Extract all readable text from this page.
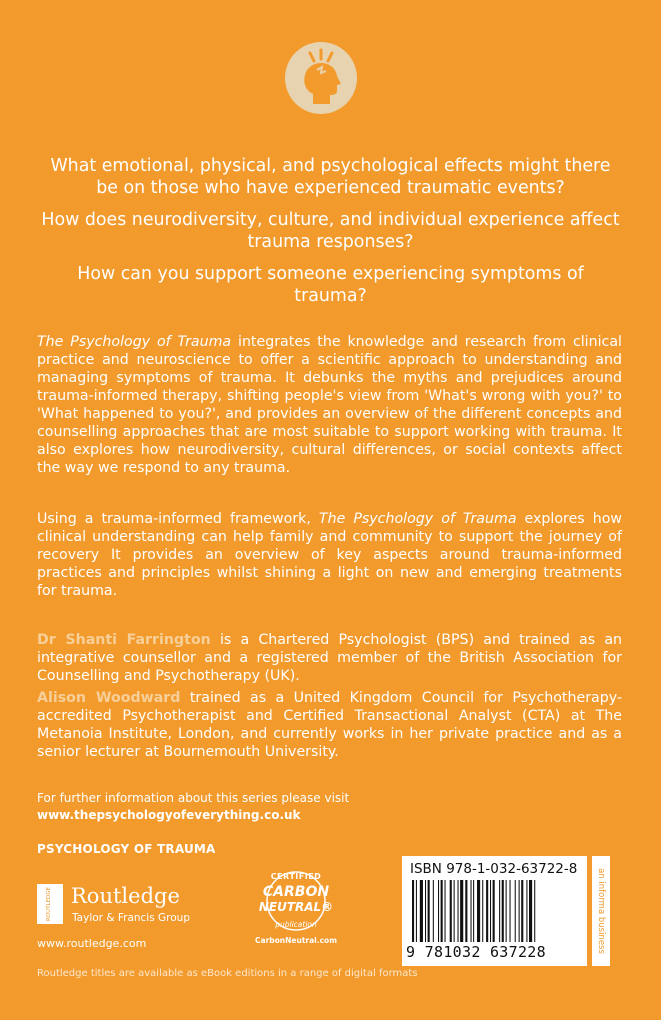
What emotional, physical, and psychological effects might there be on those who have experienced traumatic events?
How does neurodiversity, culture, and individual experience affect trauma responses?
How can you support someone experiencing symptoms of trauma?
The Psychology of Trauma integrates the knowledge and research from clinical practice and neuroscience to offer a scientific approach to understanding and managing symptoms of trauma. It debunks the myths and prejudices around trauma-informed therapy, shifting people's view from 'What's wrong with you?' to 'What happened to you?', and provides an overview of the different concepts and counselling approaches that are most suitable to support working with trauma. It also explores how neurodiversity, cultural differences, or social contexts affect the way we respond to any trauma.
Using a trauma-informed framework, The Psychology of Trauma explores how clinical understanding can help family and community to support the journey of recovery It provides an overview of key aspects around trauma-informed practices and principles whilst shining a light on new and emerging treatments for trauma.
Dr Shanti Farrington is a Chartered Psychologist (BPS) and trained as an integrative counsellor and a registered member of the British Association for Counselling and Psychotherapy (UK).
Alison Woodward trained as a United Kingdom Council for Psychotherapy-accredited Psychotherapist and Certified Transactional Analyst (CTA) at The Metanoia Institute, London, and currently works in her private practice and as a senior lecturer at Bournemouth University.
For further information about this series please visit
www.thepsychologyofeverything.co.uk
PSYCHOLOGY OF TRAUMA
ROUTLEDGE Routledge
Taylor & Francis Group
www.routledge.com
CERTIFIED
CARBON
NEUTRAL®
publication
CarbonNeutral.com
ISBN 978-1-032-63722-8
9 781032 637228	an informa business
Routledge titles are available as eBook editions in a range of digital formats
